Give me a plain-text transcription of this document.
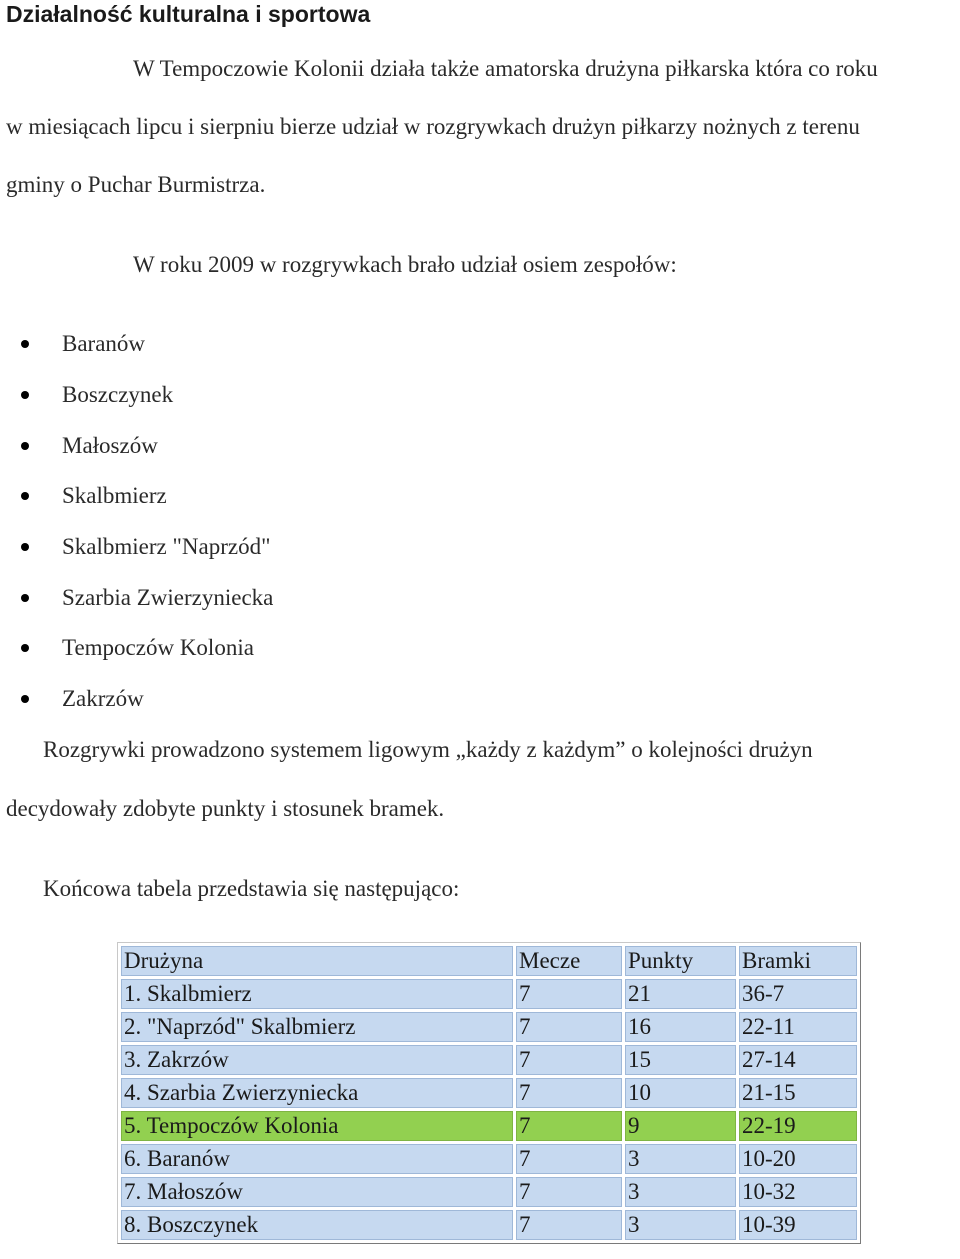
Działalność kulturalna i sportowa
W Tempoczowie Kolonii działa także amatorska drużyna piłkarska która co roku
w miesiącach lipcu i sierpniu bierze udział w rozgrywkach drużyn piłkarzy nożnych z terenu
gminy o Puchar Burmistrza.
W roku 2009 w rozgrywkach brało udział osiem zespołów:
Baranów
Boszczynek
Małoszów
Skalbmierz
Skalbmierz "Naprzód"
Szarbia Zwierzyniecka
Tempoczów Kolonia
Zakrzów
Rozgrywki prowadzono systemem ligowym „każdy z każdym” o kolejności drużyn
decydowały zdobyte punkty i stosunek bramek.
Końcowa tabela przedstawia się następująco:
Drużyna	Mecze	Punkty	Bramki
1. Skalbmierz	7	21	36-7
2. "Naprzód" Skalbmierz	7	16	22-11
3. Zakrzów	7	15	27-14
4. Szarbia Zwierzyniecka	7	10	21-15
5. Tempoczów Kolonia	7	9	22-19
6. Baranów	7	3	10-20
7. Małoszów	7	3	10-32
8. Boszczynek	7	3	10-39
